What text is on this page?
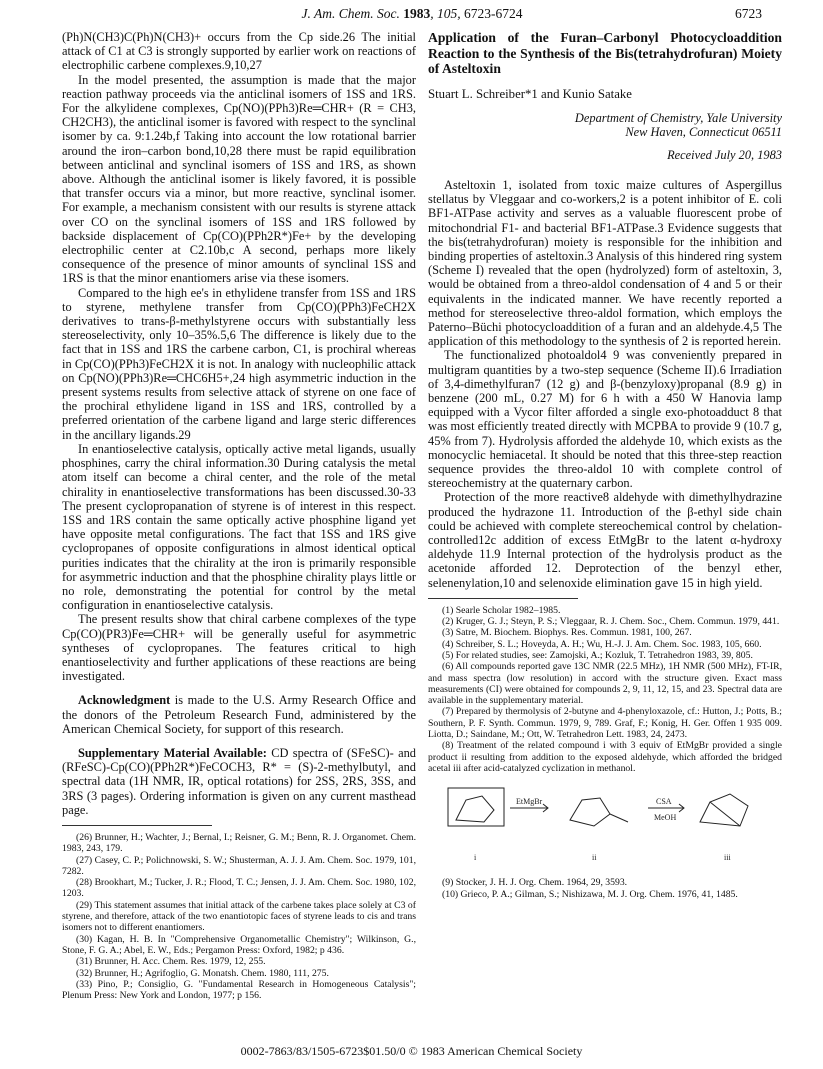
J. Am. Chem. Soc. 1983, 105, 6723-6724	6723

(Ph)N(CH3)C(Ph)N(CH3)+ occurs from the Cp side.26 The initial attack of C1 at C3 is strongly supported by earlier work on reactions of electrophilic carbene complexes.9,10,27

In the model presented, the assumption is made that the major reaction pathway proceeds via the anticlinal isomers of 1SS and 1RS. For the alkylidene complexes, Cp(NO)(PPh3)Re═CHR+ (R = CH3, CH2CH3), the anticlinal isomer is favored with respect to the synclinal isomer by ca. 9:1.24b,f Taking into account the low rotational barrier around the iron–carbon bond,10,28 there must be rapid equilibration between anticlinal and synclinal isomers of 1SS and 1RS, as shown above. Although the anticlinal isomer is likely favored, it is possible that transfer occurs via a minor, but more reactive, synclinal isomer. For example, a mechanism consistent with our results is styrene attack over CO on the synclinal isomers of 1SS and 1RS followed by backside displacement of Cp(CO)(PPh2R*)Fe+ by the developing electrophilic center at C2.10b,c A second, perhaps more likely consequence of the presence of minor amounts of synclinal 1SS and 1RS is that the minor enantiomers arise via these isomers.

Compared to the high ee's in ethylidene transfer from 1SS and 1RS to styrene, methylene transfer from Cp(CO)(PPh3)FeCH2X derivatives to trans-β-methylstyrene occurs with substantially less stereoselectivity, only 10–35%.5,6 The difference is likely due to the fact that in 1SS and 1RS the carbene carbon, C1, is prochiral whereas in Cp(CO)(PPh3)FeCH2X it is not. In analogy with nucleophilic attack on Cp(NO)(PPh3)Re═CHC6H5+,24 high asymmetric induction in the present systems results from selective attack of styrene on one face of the prochiral ethylidene ligand in 1SS and 1RS, controlled by a preferred orientation of the carbene ligand and large steric differences in the ancillary ligands.29

In enantioselective catalysis, optically active metal ligands, usually phosphines, carry the chiral information.30 During catalysis the metal atom itself can become a chiral center, and the role of the metal chirality in enantioselective transformations has been discussed.30-33 The present cyclopropanation of styrene is of interest in this respect. 1SS and 1RS contain the same optically active phosphine ligand yet have opposite metal configurations. The fact that 1SS and 1RS give cyclopropanes of opposite configurations in almost identical optical purities indicates that the chirality at the iron is primarily responsible for asymmetric induction and that the phosphine chirality plays little or no role, demonstrating the potential for control by the metal configuration in enantioselective catalysis.

The present results show that chiral carbene complexes of the type Cp(CO)(PR3)Fe═CHR+ will be generally useful for asymmetric syntheses of cyclopropanes. The features critical to high enantioselectivity and further applications of these reactions are being investigated.

Acknowledgment is made to the U.S. Army Research Office and the donors of the Petroleum Research Fund, administered by the American Chemical Society, for support of this research.

Supplementary Material Available: CD spectra of (SFeSC)- and (RFeSC)-Cp(CO)(PPh2R*)FeCOCH3, R* = (S)-2-methylbutyl, and spectral data (1H NMR, IR, optical rotations) for 2SS, 2RS, 3SS, and 3RS (3 pages). Ordering information is given on any current masthead page.

(26) Brunner, H.; Wachter, J.; Bernal, I.; Reisner, G. M.; Benn, R. J. Organomet. Chem. 1983, 243, 179.
(27) Casey, C. P.; Polichnowski, S. W.; Shusterman, A. J. J. Am. Chem. Soc. 1979, 101, 7282.
(28) Brookhart, M.; Tucker, J. R.; Flood, T. C.; Jensen, J. J. Am. Chem. Soc. 1980, 102, 1203.
(29) This statement assumes that initial attack of the carbene takes place solely at C3 of styrene, and therefore, attack of the two enantiotopic faces of styrene leads to cis and trans isomers not to different enantiomers.
(30) Kagan, H. B. In "Comprehensive Organometallic Chemistry"; Wilkinson, G., Stone, F. G. A.; Abel, E. W., Eds.; Pergamon Press: Oxford, 1982; p 436.
(31) Brunner, H. Acc. Chem. Res. 1979, 12, 255.
(32) Brunner, H.; Agrifoglio, G. Monatsh. Chem. 1980, 111, 275.
(33) Pino, P.; Consiglio, G. "Fundamental Research in Homogeneous Catalysis"; Plenum Press: New York and London, 1977; p 156.
Application of the Furan–Carbonyl Photocycloaddition Reaction to the Synthesis of the Bis(tetrahydrofuran) Moiety of Asteltoxin
Stuart L. Schreiber*1 and Kunio Satake
Department of Chemistry, Yale University
New Haven, Connecticut 06511
Received July 20, 1983

Asteltoxin 1, isolated from toxic maize cultures of Aspergillus stellatus by Vleggaar and co-workers,2 is a potent inhibitor of E. coli BF1-ATPase activity and serves as a valuable fluorescent probe of mitochondrial F1- and bacterial BF1-ATPase.3 Evidence suggests that the bis(tetrahydrofuran) moiety is responsible for the inhibition and binding properties of asteltoxin.3 Analysis of this hindered ring system (Scheme I) revealed that the open (hydrolyzed) form of asteltoxin, 3, would be obtained from a threo-aldol condensation of 4 and 5 or their equivalents in the indicated manner. We have recently reported a method for stereoselective threo-aldol formation, which employs the Paterno–Büchi photocycloaddition of a furan and an aldehyde.4,5 The application of this methodology to the synthesis of 2 is reported herein.

The functionalized photoaldol4 9 was conveniently prepared in multigram quantities by a two-step sequence (Scheme II).6 Irradiation of 3,4-dimethylfuran7 (12 g) and β-(benzyloxy)propanal (8.9 g) in benzene (200 mL, 0.27 M) for 6 h with a 450 W Hanovia lamp equipped with a Vycor filter afforded a single exo-photoadduct 8 that was most efficiently treated directly with MCPBA to provide 9 (10.7 g, 45% from 7). Hydrolysis afforded the aldehyde 10, which exists as the monocyclic hemiacetal. It should be noted that this three-step reaction sequence provides the threo-aldol 10 with complete control of stereochemistry at the quaternary carbon.

Protection of the more reactive8 aldehyde with dimethylhydrazine produced the hydrazone 11. Introduction of the β-ethyl side chain could be achieved with complete stereochemical control by chelation-controlled12c addition of excess EtMgBr to the latent α-hydroxy aldehyde 11.9 Internal protection of the hydrolysis product as the acetonide afforded 12. Deprotection of the benzyl ether, selenenylation,10 and selenoxide elimination gave 15 in high yield.

(1) Searle Scholar 1982–1985.
(2) Kruger, G. J.; Steyn, P. S.; Vleggaar, R. J. Chem. Soc., Chem. Commun. 1979, 441.
(3) Satre, M. Biochem. Biophys. Res. Commun. 1981, 100, 267.
(4) Schreiber, S. L.; Hoveyda, A. H.; Wu, H.-J. J. Am. Chem. Soc. 1983, 105, 660.
(5) For related studies, see: Zamojski, A.; Kozluk, T. Tetrahedron 1983, 39, 805.
(6) All compounds reported gave 13C NMR (22.5 MHz), 1H NMR (500 MHz), FT-IR, and mass spectra (low resolution) in accord with the structure given. Exact mass measurements (CI) were obtained for compounds 2, 9, 11, 12, 15, and 23. Spectral data are available in the supplementary material.
(7) Prepared by thermolysis of 2-butyne and 4-phenyloxazole, cf.: Hutton, J.; Potts, B.; Southern, P. F. Synth. Commun. 1979, 9, 789. Graf, F.; Konig, H. Ger. Offen 1 935 009. Liotta, D.; Saindane, M.; Ott, W. Tetrahedron Lett. 1983, 24, 2473.
(8) Treatment of the related compound i with 3 equiv of EtMgBr provided a single product ii resulting from addition to the exposed aldehyde, which afforded the bridged acetal iii after acid-catalyzed cyclization in methanol.
EtMgBr	CSA
MeOH
i	ii	iii
(9) Stocker, J. H. J. Org. Chem. 1964, 29, 3593.
(10) Grieco, P. A.; Gilman, S.; Nishizawa, M. J. Org. Chem. 1976, 41, 1485.
0002-7863/83/1505-6723$01.50/0 © 1983 American Chemical Society
